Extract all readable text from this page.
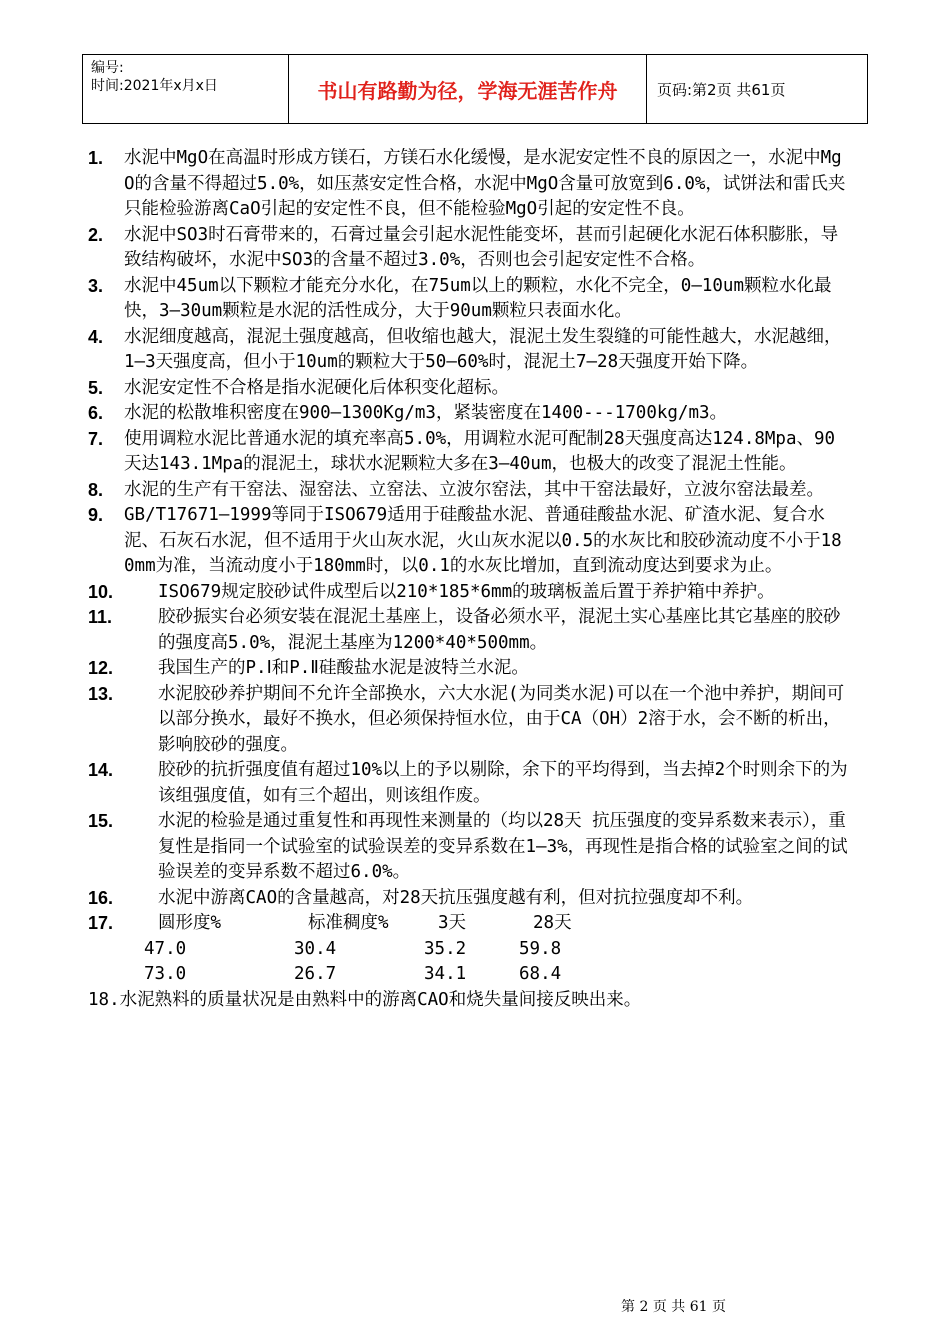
编号:
时间:2021年x月x日	书山有路勤为径，学海无涯苦作舟	页码:第2页 共61页
1.	水泥中MgO在高温时形成方镁石，方镁石水化缓慢，是水泥安定性不良的原因之一，水泥中MgO的含量不得超过5.0%，如压蒸安定性合格，水泥中MgO含量可放宽到6.0%，试饼法和雷氏夹只能检验游离CaO引起的安定性不良，但不能检验MgO引起的安定性不良。
2.	水泥中SO3时石膏带来的，石膏过量会引起水泥性能变坏，甚而引起硬化水泥石体积膨胀，导致结构破坏，水泥中SO3的含量不超过3.0%，否则也会引起安定性不合格。
3.	水泥中45um以下颗粒才能充分水化，在75um以上的颗粒，水化不完全，0—10um颗粒水化最快，3—30um颗粒是水泥的活性成分，大于90um颗粒只表面水化。
4.	水泥细度越高，混泥土强度越高，但收缩也越大，混泥土发生裂缝的可能性越大，水泥越细，1—3天强度高，但小于10um的颗粒大于50—60%时，混泥土7—28天强度开始下降。
5.	水泥安定性不合格是指水泥硬化后体积变化超标。
6.	水泥的松散堆积密度在900—1300Kg/m3，紧装密度在1400---1700kg/m3。
7.	使用调粒水泥比普通水泥的填充率高5.0%，用调粒水泥可配制28天强度高达124.8Mpa、90天达143.1Mpa的混泥土，球状水泥颗粒大多在3—40um，也极大的改变了混泥土性能。
8.	水泥的生产有干窑法、湿窑法、立窑法、立波尔窑法，其中干窑法最好，立波尔窑法最差。
9.	GB/T17671—1999等同于ISO679适用于硅酸盐水泥、普通硅酸盐水泥、矿渣水泥、复合水泥、石灰石水泥，但不适用于火山灰水泥，火山灰水泥以0.5的水灰比和胶砂流动度不小于180mm为准，当流动度小于180mm时，以0.1的水灰比增加，直到流动度达到要求为止。
10.	ISO679规定胶砂试件成型后以210*185*6mm的玻璃板盖后置于养护箱中养护。
11.	胶砂振实台必须安装在混泥土基座上，设备必须水平，混泥土实心基座比其它基座的胶砂的强度高5.0%，混泥土基座为1200*40*500mm。
12.	我国生产的P.Ⅰ和P.Ⅱ硅酸盐水泥是波特兰水泥。
13.	水泥胶砂养护期间不允许全部换水，六大水泥(为同类水泥)可以在一个池中养护，期间可以部分换水，最好不换水，但必须保持恒水位，由于CA（OH）2溶于水，会不断的析出，影响胶砂的强度。
14.	胶砂的抗折强度值有超过10%以上的予以剔除，余下的平均得到，当去掉2个时则余下的为该组强度值，如有三个超出，则该组作废。
15.	水泥的检验是通过重复性和再现性来测量的（均以28天 抗压强度的变异系数来表示），重复性是指同一个试验室的试验误差的变异系数在1—3%，再现性是指合格的试验室之间的试验误差的变异系数不超过6.0%。
16.	水泥中游离CAO的含量越高，对28天抗压强度越有利，但对抗拉强度却不利。
17.	圆形度%	标准稠度%	3天	28天
47.0	30.4	35.2	59.8
73.0	26.7	34.1	68.4
18.水泥熟料的质量状况是由熟料中的游离CAO和烧失量间接反映出来。
第 2 页 共 61 页
